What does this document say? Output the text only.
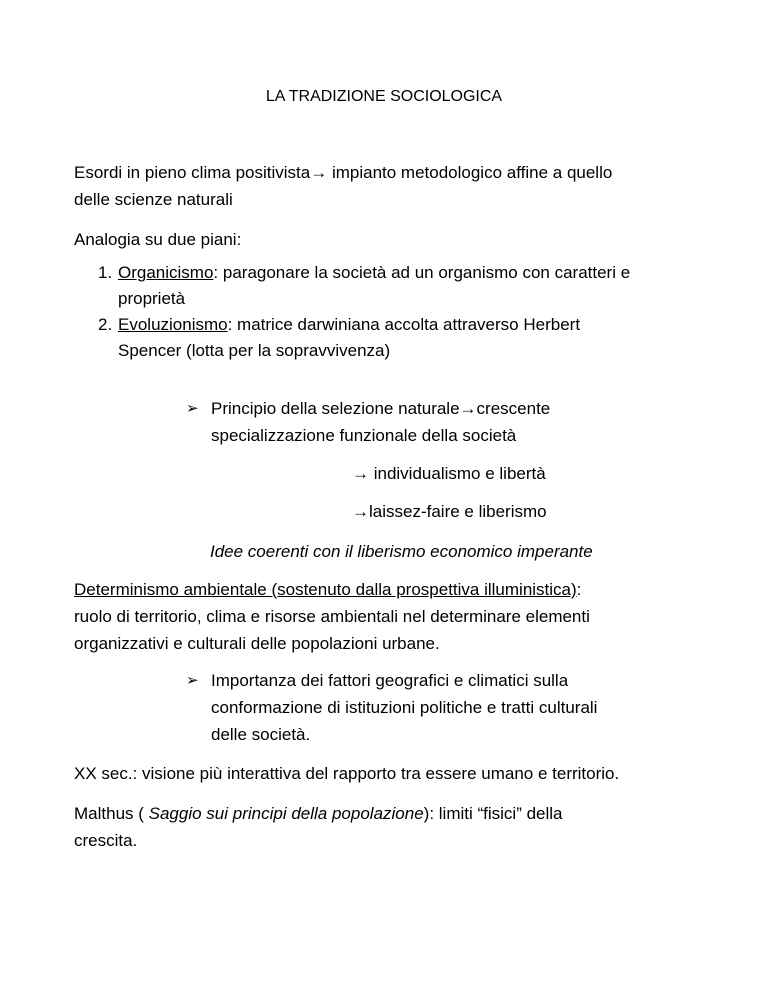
LA TRADIZIONE SOCIOLOGICA
Esordi in pieno clima positivista→ impianto metodologico affine a quello
delle scienze naturali
Analogia su due piani:
1. Organicismo: paragonare la società ad un organismo con caratteri e
proprietà
2. Evoluzionismo: matrice darwiniana accolta attraverso Herbert
Spencer (lotta per la sopravvivenza)
➢ Principio della selezione naturale→crescente
specializzazione funzionale della società
→ individualismo e libertà
→laissez-faire e liberismo
Idee coerenti con il liberismo economico imperante
Determinismo ambientale (sostenuto dalla prospettiva illuministica):
ruolo di territorio, clima e risorse ambientali nel determinare elementi
organizzativi e culturali delle popolazioni urbane.
➢ Importanza dei fattori geografici e climatici sulla
conformazione di istituzioni politiche e tratti culturali
delle società.
XX sec.: visione più interattiva del rapporto tra essere umano e territorio.
Malthus ( Saggio sui principi della popolazione): limiti “fisici” della
crescita.
